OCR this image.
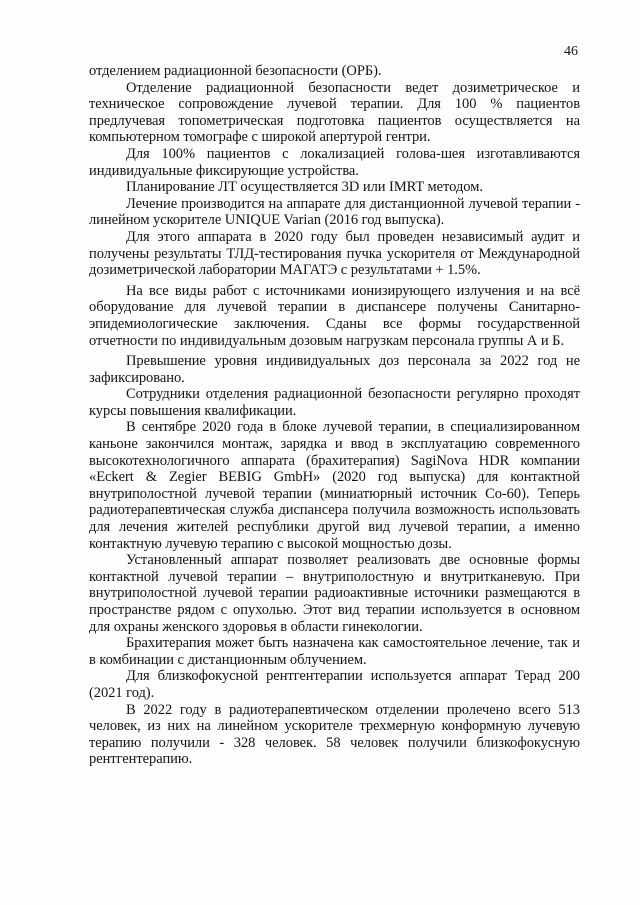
46

отделением радиационной безопасности (ОРБ).

Отделение радиационной безопасности ведет дозиметрическое и техническое сопровождение лучевой терапии. Для 100 % пациентов предлучевая топометрическая подготовка пациентов осуществляется на компьютерном томографе с широкой апертурой гентри.

Для 100% пациентов с локализацией голова-шея изготавливаются индивидуальные фиксирующие устройства.

Планирование ЛТ осуществляется 3D или IMRT методом.

Лечение производится на аппарате для дистанционной лучевой терапии - линейном ускорителе UNIQUE Varian (2016 год выпуска).

Для этого аппарата в 2020 году был проведен независимый аудит и получены результаты ТЛД-тестирования пучка ускорителя от Международной дозиметрической лаборатории МАГАТЭ с результатами + 1.5%.

На все виды работ с источниками ионизирующего излучения и на всё оборудование для лучевой терапии в диспансере получены Санитарно-эпидемиологические заключения. Сданы все формы государственной отчетности по индивидуальным дозовым нагрузкам персонала группы А и Б.

Превышение уровня индивидуальных доз персонала за 2022 год не зафиксировано.

Сотрудники отделения радиационной безопасности регулярно проходят курсы повышения квалификации.

В сентябре 2020 года в блоке лучевой терапии, в специализированном каньоне закончился монтаж, зарядка и ввод в эксплуатацию современного высокотехнологичного аппарата (брахитерапия) SagiNova HDR компании «Eckert & Zegier BEBIG GmbH» (2020 год выпуска) для контактной внутриполостной лучевой терапии (миниатюрный источник Со-60). Теперь радиотерапевтическая служба диспансера получила возможность использовать для лечения жителей республики другой вид лучевой терапии, а именно контактную лучевую терапию с высокой мощностью дозы.

Установленный аппарат позволяет реализовать две основные формы контактной лучевой терапии – внутриполостную и внутритканевую. При внутриполостной лучевой терапии радиоактивные источники размещаются в пространстве рядом с опухолью. Этот вид терапии используется в основном для охраны женского здоровья в области гинекологии.

Брахитерапия может быть назначена как самостоятельное лечение, так и в комбинации с дистанционным облучением.

Для близкофокусной рентгентерапии используется аппарат Терад 200 (2021 год).

В 2022 году в радиотерапевтическом отделении пролечено всего 513 человек, из них на линейном ускорителе трехмерную конформную лучевую терапию получили - 328 человек. 58 человек получили близкофокусную рентгентерапию.
